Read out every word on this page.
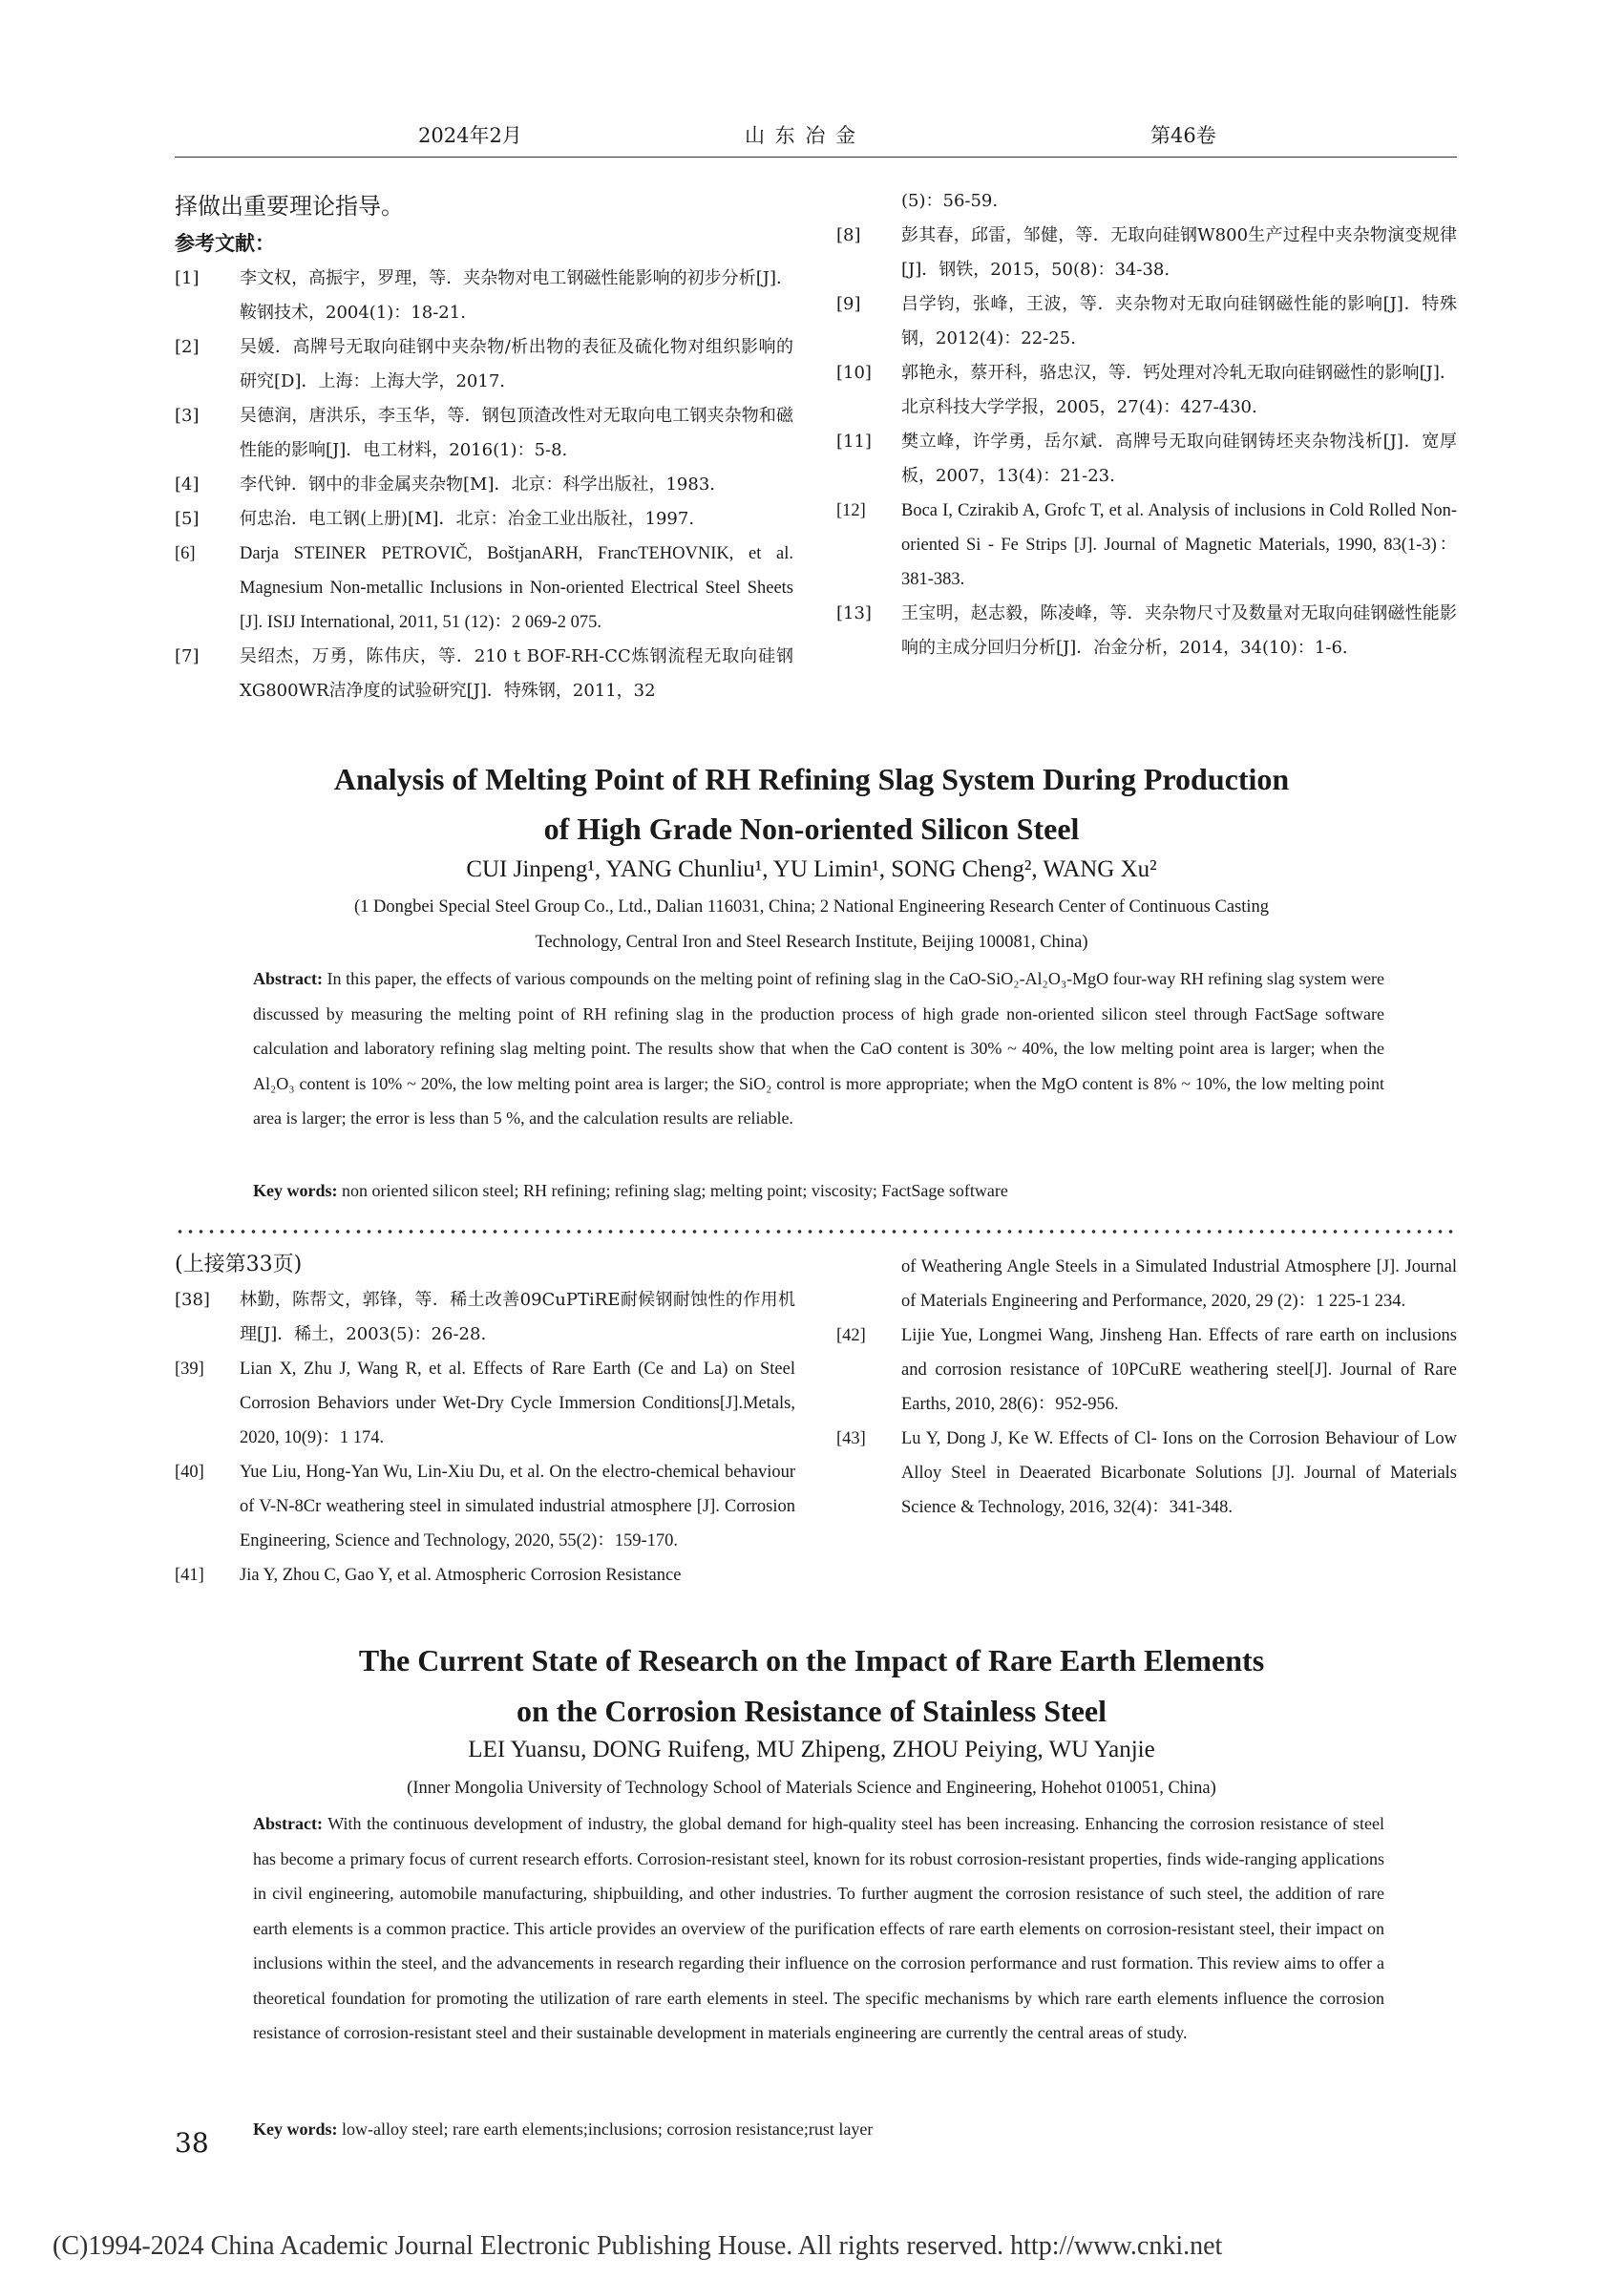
2024年2月	山 东 冶 金	第46卷
择做出重要理论指导。
参考文献：
[1] 李文权，高振宇，罗理，等．夹杂物对电工钢磁性能影响的初步分析[J]．鞍钢技术，2004(1)：18-21.
[2] 吴媛．高牌号无取向硅钢中夹杂物/析出物的表征及硫化物对组织影响的研究[D]．上海：上海大学，2017.
[3] 吴德润，唐洪乐，李玉华，等．钢包顶渣改性对无取向电工钢夹杂物和磁性能的影响[J]．电工材料，2016(1)：5-8.
[4] 李代钟．钢中的非金属夹杂物[M]．北京：科学出版社，1983.
[5] 何忠治．电工钢(上册)[M]．北京：冶金工业出版社，1997.
[6]	Darja STEINER PETROVIČ, BoštjanARH, FrancTEHOVNIK, et al. Magnesium Non-metallic Inclusions in Non-oriented Electrical Steel Sheets [J]. ISIJ International, 2011, 51 (12)：2 069-2 075.
[7] 吴绍杰，万勇，陈伟庆，等．210 t BOF-RH-CC炼钢流程无取向硅钢XG800WR洁净度的试验研究[J]．特殊钢，2011，32
(5)：56-59.
[8] 彭其春，邱雷，邹健，等．无取向硅钢W800生产过程中夹杂物演变规律[J]．钢铁，2015，50(8)：34-38.
[9] 吕学钧，张峰，王波，等．夹杂物对无取向硅钢磁性能的影响[J]．特殊钢，2012(4)：22-25.
[10] 郭艳永，蔡开科，骆忠汉，等．钙处理对冷轧无取向硅钢磁性的影响[J]．北京科技大学学报，2005，27(4)：427-430.
[11] 樊立峰，许学勇，岳尔斌．高牌号无取向硅钢铸坯夹杂物浅析[J]．宽厚板，2007，13(4)：21-23.
[12] Boca I, Czirakib A, Grofc T, et al. Analysis of inclusions in Cold Rolled Non-oriented Si - Fe Strips [J]. Journal of Magnetic Materials, 1990, 83(1-3)：381-383.
[13] 王宝明，赵志毅，陈凌峰，等．夹杂物尺寸及数量对无取向硅钢磁性能影响的主成分回归分析[J]．冶金分析，2014，34(10)：1-6.
Analysis of Melting Point of RH Refining Slag System During Production
of High Grade Non-oriented Silicon Steel
CUI Jinpeng¹, YANG Chunliu¹, YU Limin¹, SONG Cheng², WANG Xu²
(1 Dongbei Special Steel Group Co., Ltd., Dalian 116031, China; 2 National Engineering Research Center of Continuous Casting
Technology, Central Iron and Steel Research Institute, Beijing 100081, China)
Abstract: In this paper, the effects of various compounds on the melting point of refining slag in the CaO-SiO₂-Al₂O₃-MgO four-way RH refining slag system were discussed by measuring the melting point of RH refining slag in the production process of high grade non-oriented silicon steel through FactSage software calculation and laboratory refining slag melting point. The results show that when the CaO content is 30% ~ 40%, the low melting point area is larger; when the Al₂O₃ content is 10% ~ 20%, the low melting point area is larger; the SiO₂ control is more appropriate; when the MgO content is 8% ~ 10%, the low melting point area is larger; the error is less than 5 %, and the calculation results are reliable.
Key words: non oriented silicon steel; RH refining; refining slag; melting point; viscosity; FactSage software
(上接第33页)
[38] 林勤，陈帮文，郭锋，等．稀土改善09CuPTiRE耐候钢耐蚀性的作用机理[J]．稀土，2003(5)：26-28.
[39] Lian X, Zhu J, Wang R, et al. Effects of Rare Earth (Ce and La) on Steel Corrosion Behaviors under Wet-Dry Cycle Immersion Conditions[J].Metals, 2020, 10(9)：1 174.
[40] Yue Liu, Hong-Yan Wu, Lin-Xiu Du, et al. On the electro-chemical behaviour of V-N-8Cr weathering steel in simulated industrial atmosphere [J]. Corrosion Engineering, Science and Technology, 2020, 55(2)：159-170.
[41] Jia Y, Zhou C, Gao Y, et al. Atmospheric Corrosion Resistance
of Weathering Angle Steels in a Simulated Industrial Atmosphere [J]. Journal of Materials Engineering and Performance, 2020, 29 (2)：1 225-1 234.
[42] Lijie Yue, Longmei Wang, Jinsheng Han. Effects of rare earth on inclusions and corrosion resistance of 10PCuRE weathering steel[J]. Journal of Rare Earths, 2010, 28(6)：952-956.
[43] Lu Y, Dong J, Ke W. Effects of Cl- Ions on the Corrosion Behaviour of Low Alloy Steel in Deaerated Bicarbonate Solutions [J]. Journal of Materials Science & Technology, 2016, 32(4)：341-348.
The Current State of Research on the Impact of Rare Earth Elements
on the Corrosion Resistance of Stainless Steel
LEI Yuansu, DONG Ruifeng, MU Zhipeng, ZHOU Peiying, WU Yanjie
(Inner Mongolia University of Technology School of Materials Science and Engineering, Hohehot 010051, China)
Abstract: With the continuous development of industry, the global demand for high-quality steel has been increasing. Enhancing the corrosion resistance of steel has become a primary focus of current research efforts. Corrosion-resistant steel, known for its robust corrosion-resistant properties, finds wide-ranging applications in civil engineering, automobile manufacturing, shipbuilding, and other industries. To further augment the corrosion resistance of such steel, the addition of rare earth elements is a common practice. This article provides an overview of the purification effects of rare earth elements on corrosion-resistant steel, their impact on inclusions within the steel, and the advancements in research regarding their influence on the corrosion performance and rust formation. This review aims to offer a theoretical foundation for promoting the utilization of rare earth elements in steel. The specific mechanisms by which rare earth elements influence the corrosion resistance of corrosion-resistant steel and their sustainable development in materials engineering are currently the central areas of study.
Key words: low-alloy steel; rare earth elements;inclusions; corrosion resistance;rust layer
38
(C)1994-2024 China Academic Journal Electronic Publishing House. All rights reserved. http://www.cnki.net
